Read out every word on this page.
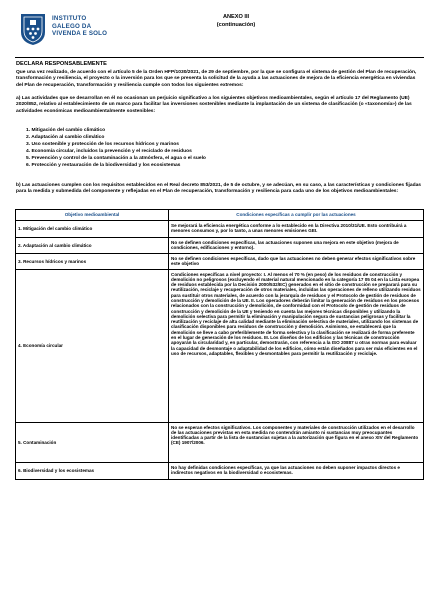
INSTITUTO
GALEGO DA
VIVENDA E SOLO
ANEXO III
(continuación)
DECLARA RESPONSABLEMENTE
Que una vez realizado, de acuerdo con el artículo 5 de la Orden HFP/1030/2021, de 29 de septiembre, por la que se configura el sistema de gestión del Plan de recuperación, transformación y resiliencia, el proyecto o la inversión para los que se presenta la solicitud de la ayuda a las actuaciones de mejora de la eficiencia energética en viviendas del Plan de recuperación, transformación y resiliencia cumple con todos los siguientes extremos:
a) Las actividades que se desarrollan en él no ocasionan un perjuicio significativo a los siguientes objetivos medioambientales, según el artículo 17 del Reglamento (UE) 2020/852, relativo al establecimiento de un marco para facilitar las inversiones sostenibles mediante la implantación de un sistema de clasificación (o «taxonomía») de las actividades económicas medioambientalmente sostenibles:
1. Mitigación del cambio climático
2. Adaptación al cambio climático
3. Uso sostenible y protección de los recursos hídricos y marinos
4. Economía circular, incluidos la prevención y el reciclado de residuos
5. Prevención y control de la contaminación a la atmósfera, el agua o el suelo
6. Protección y restauración de la biodiversidad y los ecosistemas
b) Las actuaciones cumplen con los requisitos establecidos en el Real decreto 853/2021, de 5 de octubre, y se adecúan, en su caso, a las características y condiciones fijadas para la medida y submedida del componente y reflejadas en el Plan de recuperación, transformación y resiliencia para cada uno de los objetivos medioambientales:
Objetivo medioambiental	Condiciones específicas a cumplir por las actuaciones
1. Mitigación del cambio climático	Se mejorará la eficiencia energética conforme a lo establecido en la Directiva 2010/31/UE. Esto contribuirá a menores consumos y, por lo tanto, a unas menores emisiones GEI.
2. Adaptación al cambio climático	No se definen condiciones específicas, las actuaciones suponen una mejora en este objetivo (mejora de condiciones, edificaciones y entorno).
3. Recursos hídricos y marinos	No se definen condiciones específicas, dado que las actuaciones no deben generar efectos significativos sobre este objetivo
4. Economía circular	Condiciones específicas a nivel proyecto: I. Al menos el 70 % (en peso) de los residuos de construcción y demolición no peligrosos (excluyendo el material natural mencionado en la categoría 17 05 04 en la Lista europea de residuos establecida por la Decisión 2000/532/EC) generados en el sitio de construcción se preparará para su reutilización, reciclaje y recuperación de otros materiales, incluidas las operaciones de relleno utilizando residuos para sustituir otros materiales, de acuerdo con la jerarquía de residuos y el Protocolo de gestión de residuos de construcción y demolición de la UE. II. Los operadores deberán limitar la generación de residuos en los procesos relacionados con la construcción y demolición, de conformidad con el Protocolo de gestión de residuos de construcción y demolición de la UE y teniendo en cuenta las mejores técnicas disponibles y utilizando la demolición selectiva para permitir la eliminación y manipulación segura de sustancias peligrosas y facilitar la reutilización y reciclaje de alta calidad mediante la eliminación selectiva de materiales, utilizando los sistemas de clasificación disponibles para residuos de construcción y demolición. Asimismo, se establecerá que la demolición se lleve a cabo preferiblemente de forma selectiva y la clasificación se realizará de forma preferente en el lugar de generación de los residuos. III. Los diseños de los edificios y las técnicas de construcción apoyarán la circularidad y, en particular, demostrarán, con referencia a la ISO 20887 u otras normas para evaluar la capacidad de desmontaje o adaptabilidad de los edificios, cómo están diseñados para ser más eficientes en el uso de recursos, adaptables, flexibles y desmontables para permitir la reutilización y reciclaje.
5. Contaminación	No se esperan efectos significativos. Los componentes y materiales de construcción utilizados en el desarrollo de las actuaciones previstas en esta medida no contendrán amianto ni sustancias muy preocupantes identificadas a partir de la lista de sustancias sujetas a la autorización que figura en el anexo XIV del Reglamento (CE) 1907/2006.
6. Biodiversidad y los ecosistemas	No hay definidas condiciones específicas, ya que las actuaciones no deben suponer impactos directos e indirectos negativos en la biodiversidad o ecosistemas.
